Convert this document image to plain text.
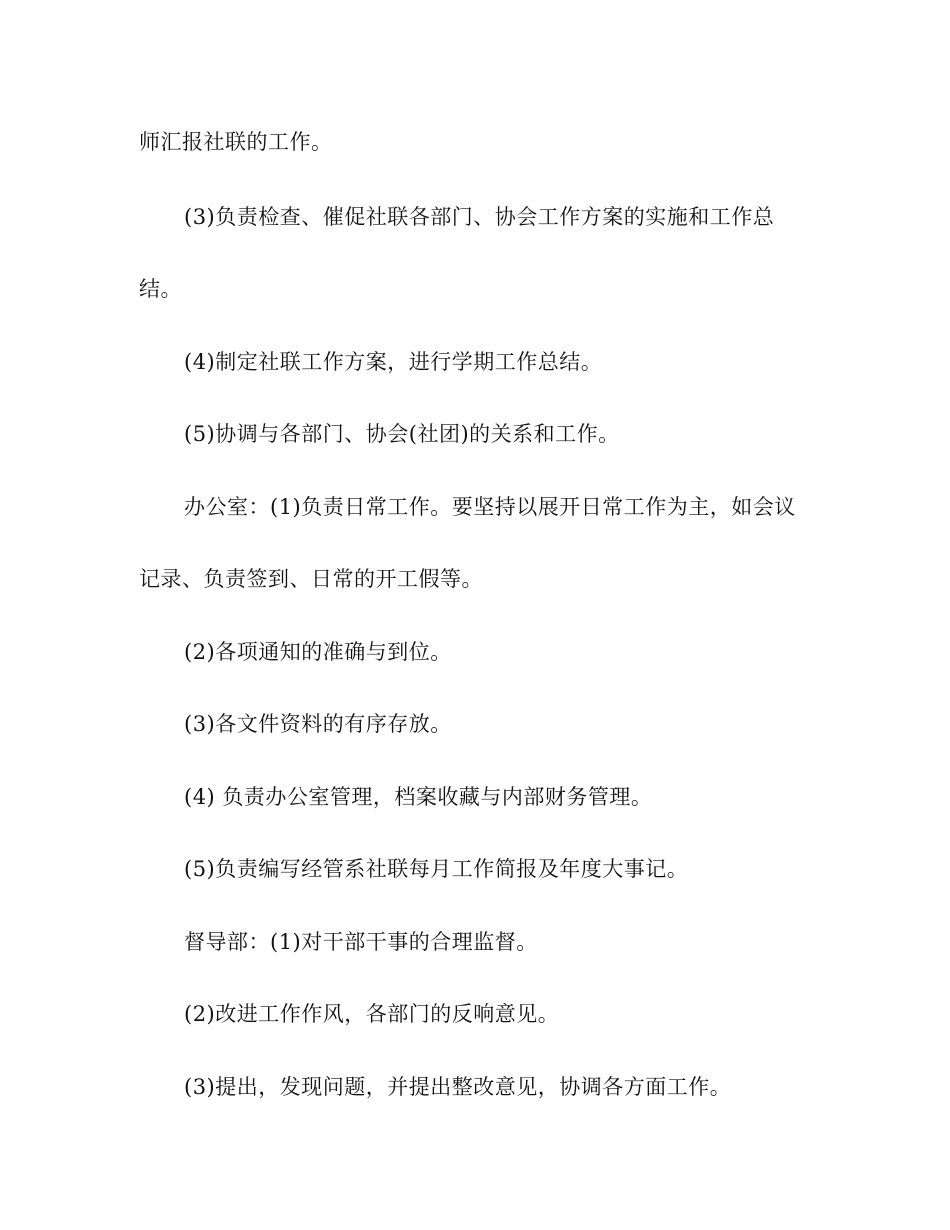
师汇报社联的工作。
(3)负责检查、催促社联各部门、协会工作方案的实施和工作总
结。
(4)制定社联工作方案，进行学期工作总结。
(5)协调与各部门、协会(社团)的关系和工作。
办公室：(1)负责日常工作。要坚持以展开日常工作为主，如会议
记录、负责签到、日常的开工假等。
(2)各项通知的准确与到位。
(3)各文件资料的有序存放。
(4) 负责办公室管理，档案收藏与内部财务管理。
(5)负责编写经管系社联每月工作简报及年度大事记。
督导部：(1)对干部干事的合理监督。
(2)改进工作作风，各部门的反响意见。
(3)提出，发现问题，并提出整改意见，协调各方面工作。
